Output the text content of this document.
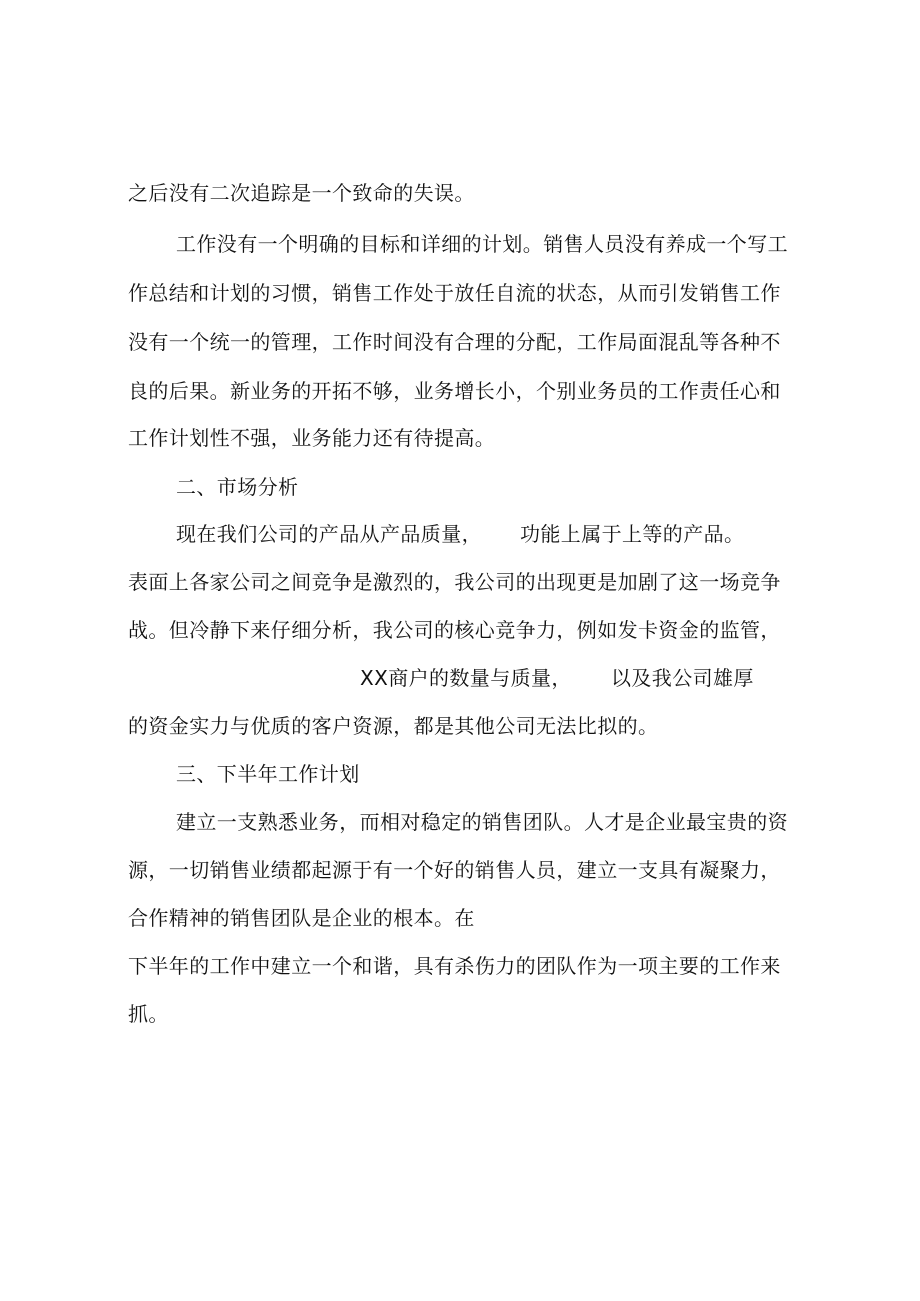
之后没有二次追踪是一个致命的失误。
工作没有一个明确的目标和详细的计划。销售人员没有养成一个写工
作总结和计划的习惯，销售工作处于放任自流的状态，从而引发销售工作
没有一个统一的管理，工作时间没有合理的分配，工作局面混乱等各种不
良的后果。新业务的开拓不够，业务增长小，个别业务员的工作责任心和
工作计划性不强，业务能力还有待提高。
二、市场分析
现在我们公司的产品从产品质量， 功能上属于上等的产品。
表面上各家公司之间竞争是激烈的，我公司的出现更是加剧了这一场竞争
战。但冷静下来仔细分析，我公司的核心竞争力，例如发卡资金的监管，
XX商户的数量与质量， 以及我公司雄厚
的资金实力与优质的客户资源，都是其他公司无法比拟的。
三、下半年工作计划
建立一支熟悉业务，而相对稳定的销售团队。人才是企业最宝贵的资
源，一切销售业绩都起源于有一个好的销售人员，建立一支具有凝聚力，
合作精神的销售团队是企业的根本。在
下半年的工作中建立一个和谐，具有杀伤力的团队作为一项主要的工作来
抓。
